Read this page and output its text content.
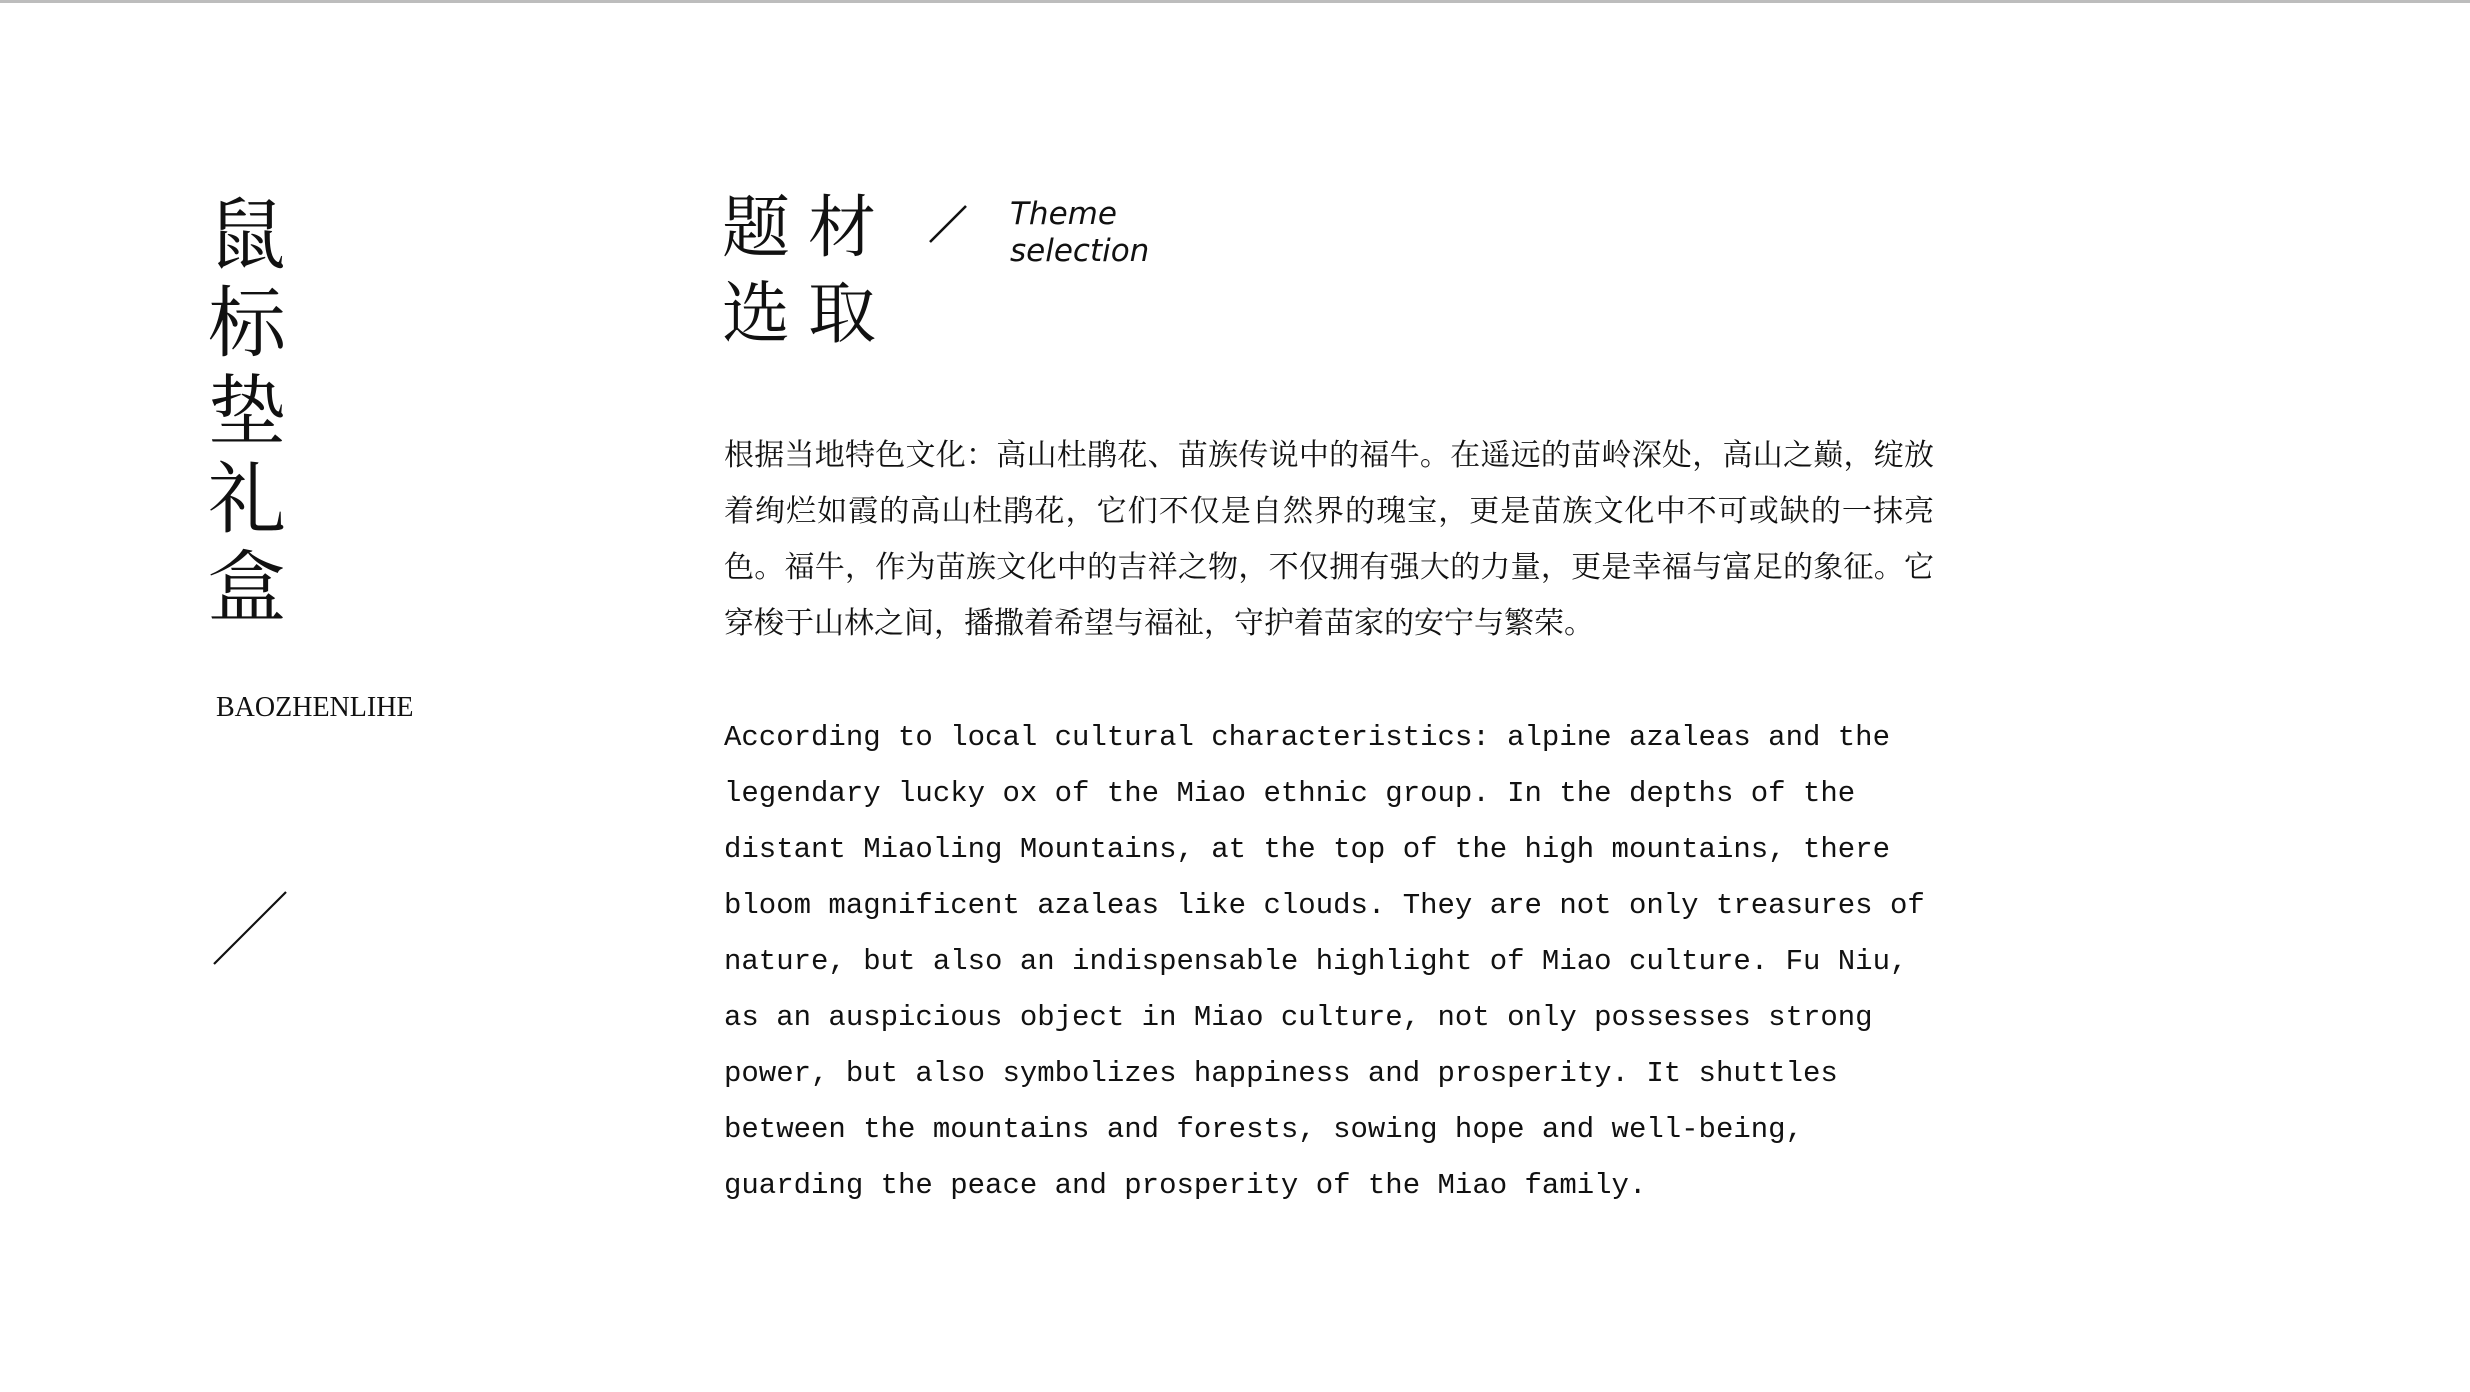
鼠标垫礼盒
BAOZHENLIHE
题材选取
Theme
selection

根据当地特色文化：高山杜鹃花、苗族传说中的福牛。在遥远的苗岭深处，高山之巅，绽放着绚烂如霞的高山杜鹃花，它们不仅是自然界的瑰宝，更是苗族文化中不可或缺的一抹亮色。福牛，作为苗族文化中的吉祥之物，不仅拥有强大的力量，更是幸福与富足的象征。它穿梭于山林之间，播撒着希望与福祉，守护着苗家的安宁与繁荣。

According to local cultural characteristics: alpine azaleas and the legendary lucky ox of the Miao ethnic group. In the depths of the distant Miaoling Mountains, at the top of the high mountains, there bloom magnificent azaleas like clouds. They are not only treasures of nature, but also an indispensable highlight of Miao culture. Fu Niu, as an auspicious object in Miao culture, not only possesses strong power, but also symbolizes happiness and prosperity. It shuttles between the mountains and forests, sowing hope and well-being, guarding the peace and prosperity of the Miao family.
